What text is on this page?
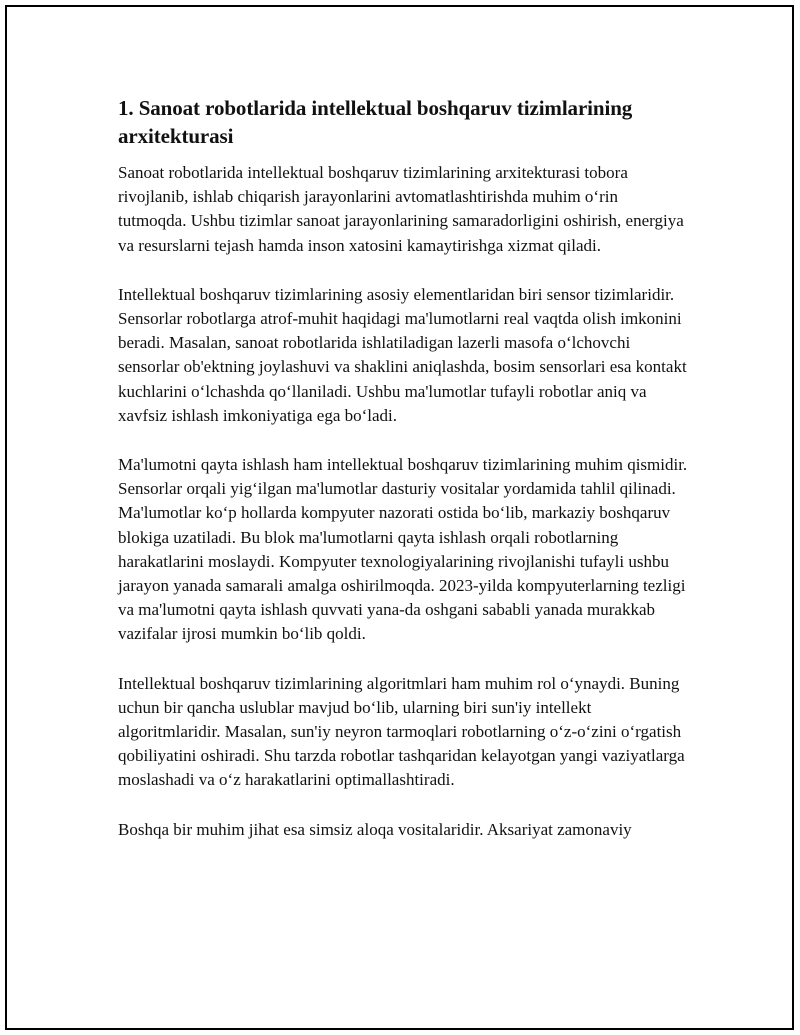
1. Sanoat robotlarida intellektual boshqaruv tizimlarining arxitekturasi

Sanoat robotlarida intellektual boshqaruv tizimlarining arxitekturasi tobora rivojlanib, ishlab chiqarish jarayonlarini avtomatlashtirishda muhim o‘rin tutmoqda. Ushbu tizimlar sanoat jarayonlarining samaradorligini oshirish, energiya va resurslarni tejash hamda inson xatosini kamaytirishga xizmat qiladi.

Intellektual boshqaruv tizimlarining asosiy elementlaridan biri sensor tizimlaridir. Sensorlar robotlarga atrof-muhit haqidagi ma'lumotlarni real vaqtda olish imkonini beradi. Masalan, sanoat robotlarida ishlatiladigan lazerli masofa o‘lchovchi sensorlar ob'ektning joylashuvi va shaklini aniqlashda, bosim sensorlari esa kontakt kuchlarini o‘lchashda qo‘llaniladi. Ushbu ma'lumotlar tufayli robotlar aniq va xavfsiz ishlash imkoniyatiga ega bo‘ladi.

Ma'lumotni qayta ishlash ham intellektual boshqaruv tizimlarining muhim qismidir. Sensorlar orqali yig‘ilgan ma'lumotlar dasturiy vositalar yordamida tahlil qilinadi. Ma'lumotlar ko‘p hollarda kompyuter nazorati ostida bo‘lib, markaziy boshqaruv blokiga uzatiladi. Bu blok ma'lumotlarni qayta ishlash orqali robotlarning harakatlarini moslaydi. Kompyuter texnologiyalarining rivojlanishi tufayli ushbu jarayon yanada samarali amalga oshirilmoqda. 2023-yilda kompyuterlarning tezligi va ma'lumotni qayta ishlash quvvati yana-da oshgani sababli yanada murakkab vazifalar ijrosi mumkin bo‘lib qoldi.

Intellektual boshqaruv tizimlarining algoritmlari ham muhim rol o‘ynaydi. Buning uchun bir qancha uslublar mavjud bo‘lib, ularning biri sun'iy intellekt algoritmlaridir. Masalan, sun'iy neyron tarmoqlari robotlarning o‘z-o‘zini o‘rgatish qobiliyatini oshiradi. Shu tarzda robotlar tashqaridan kelayotgan yangi vaziyatlarga moslashadi va o‘z harakatlarini optimallashtiradi.

Boshqa bir muhim jihat esa simsiz aloqa vositalaridir. Aksariyat zamonaviy
